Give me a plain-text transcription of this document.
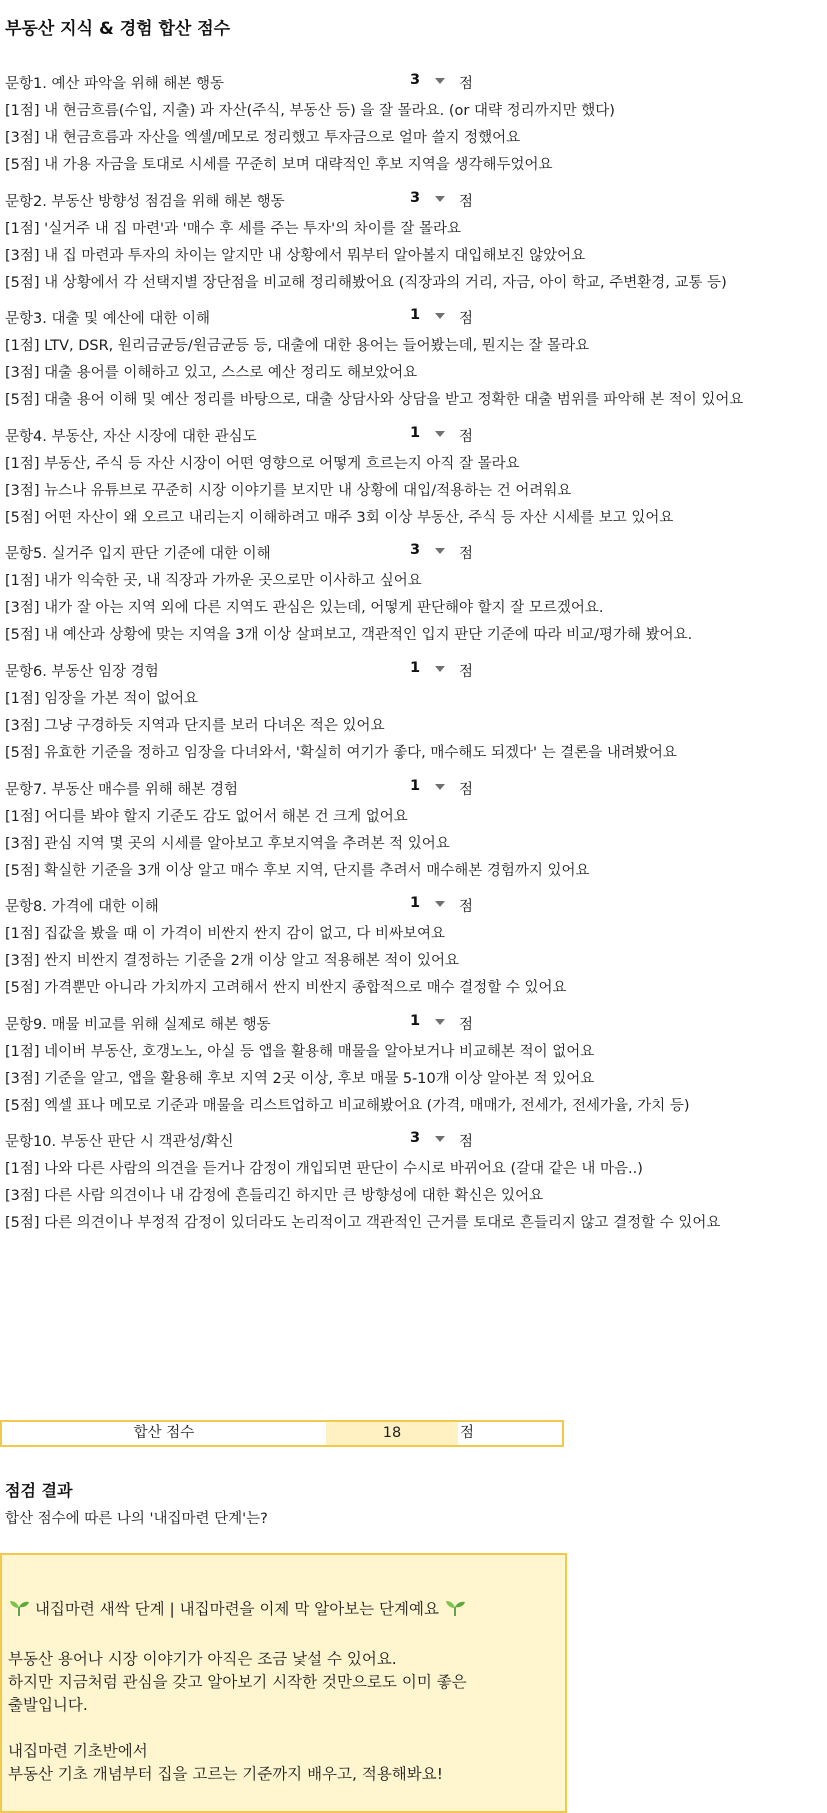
부동산 지식 & 경험 합산 점수
문항1. 예산 파악을 위해 해본 행동	3	점
[1점] 내 현금흐름(수입, 지출) 과 자산(주식, 부동산 등) 을 잘 몰라요. (or 대략 정리까지만 했다)
[3점] 내 현금흐름과 자산을 엑셀/메모로 정리했고 투자금으로 얼마 쓸지 정했어요
[5점] 내 가용 자금을 토대로 시세를 꾸준히 보며 대략적인 후보 지역을 생각해두었어요
문항2. 부동산 방향성 점검을 위해 해본 행동	3	점
[1점] '실거주 내 집 마련'과 '매수 후 세를 주는 투자'의 차이를 잘 몰라요
[3점] 내 집 마련과 투자의 차이는 알지만 내 상황에서 뭐부터 알아볼지 대입해보진 않았어요
[5점] 내 상황에서 각 선택지별 장단점을 비교해 정리해봤어요 (직장과의 거리, 자금, 아이 학교, 주변환경, 교통 등)
문항3. 대출 및 예산에 대한 이해	1	점
[1점] LTV, DSR, 원리금균등/원금균등 등, 대출에 대한 용어는 들어봤는데, 뭔지는 잘 몰라요
[3점] 대출 용어를 이해하고 있고, 스스로 예산 정리도 해보았어요
[5점] 대출 용어 이해 및 예산 정리를 바탕으로, 대출 상담사와 상담을 받고 정확한 대출 범위를 파악해 본 적이 있어요
문항4. 부동산, 자산 시장에 대한 관심도	1	점
[1점] 부동산, 주식 등 자산 시장이 어떤 영향으로 어떻게 흐르는지 아직 잘 몰라요
[3점] 뉴스나 유튜브로 꾸준히 시장 이야기를 보지만 내 상황에 대입/적용하는 건 어려워요
[5점] 어떤 자산이 왜 오르고 내리는지 이해하려고 매주 3회 이상 부동산, 주식 등 자산 시세를 보고 있어요
문항5. 실거주 입지 판단 기준에 대한 이해	3	점
[1점] 내가 익숙한 곳, 내 직장과 가까운 곳으로만 이사하고 싶어요
[3점] 내가 잘 아는 지역 외에 다른 지역도 관심은 있는데, 어떻게 판단해야 할지 잘 모르겠어요.
[5점] 내 예산과 상황에 맞는 지역을 3개 이상 살펴보고, 객관적인 입지 판단 기준에 따라 비교/평가해 봤어요.
문항6. 부동산 임장 경험	1	점
[1점] 임장을 가본 적이 없어요
[3점] 그냥 구경하듯 지역과 단지를 보러 다녀온 적은 있어요
[5점] 유효한 기준을 정하고 임장을 다녀와서, '확실히 여기가 좋다, 매수해도 되겠다' 는 결론을 내려봤어요
문항7. 부동산 매수를 위해 해본 경험	1	점
[1점] 어디를 봐야 할지 기준도 감도 없어서 해본 건 크게 없어요
[3점] 관심 지역 몇 곳의 시세를 알아보고 후보지역을 추려본 적 있어요
[5점] 확실한 기준을 3개 이상 알고 매수 후보 지역, 단지를 추려서 매수해본 경험까지 있어요
문항8. 가격에 대한 이해	1	점
[1점] 집값을 봤을 때 이 가격이 비싼지 싼지 감이 없고, 다 비싸보여요
[3점] 싼지 비싼지 결정하는 기준을 2개 이상 알고 적용해본 적이 있어요
[5점] 가격뿐만 아니라 가치까지 고려해서 싼지 비싼지 종합적으로 매수 결정할 수 있어요
문항9. 매물 비교를 위해 실제로 해본 행동	1	점
[1점] 네이버 부동산, 호갱노노, 아실 등 앱을 활용해 매물을 알아보거나 비교해본 적이 없어요
[3점] 기준을 알고, 앱을 활용해 후보 지역 2곳 이상, 후보 매물 5-10개 이상 알아본 적 있어요
[5점] 엑셀 표나 메모로 기준과 매물을 리스트업하고 비교해봤어요 (가격, 매매가, 전세가, 전세가율, 가치 등)
문항10. 부동산 판단 시 객관성/확신	3	점
[1점] 나와 다른 사람의 의견을 듣거나 감정이 개입되면 판단이 수시로 바뀌어요 (갈대 같은 내 마음..)
[3점] 다른 사람 의견이나 내 감정에 흔들리긴 하지만 큰 방향성에 대한 확신은 있어요
[5점] 다른 의견이나 부정적 감정이 있더라도 논리적이고 객관적인 근거를 토대로 흔들리지 않고 결정할 수 있어요
합산 점수	18	점
점검 결과
합산 점수에 따른 나의 '내집마련 단계'는?
내집마련 새싹 단계 | 내집마련을 이제 막 알아보는 단계예요
부동산 용어나 시장 이야기가 아직은 조금 낯설 수 있어요.
하지만 지금처럼 관심을 갖고 알아보기 시작한 것만으로도 이미 좋은
출발입니다.
내집마련 기초반에서
부동산 기초 개념부터 집을 고르는 기준까지 배우고, 적용해봐요!
